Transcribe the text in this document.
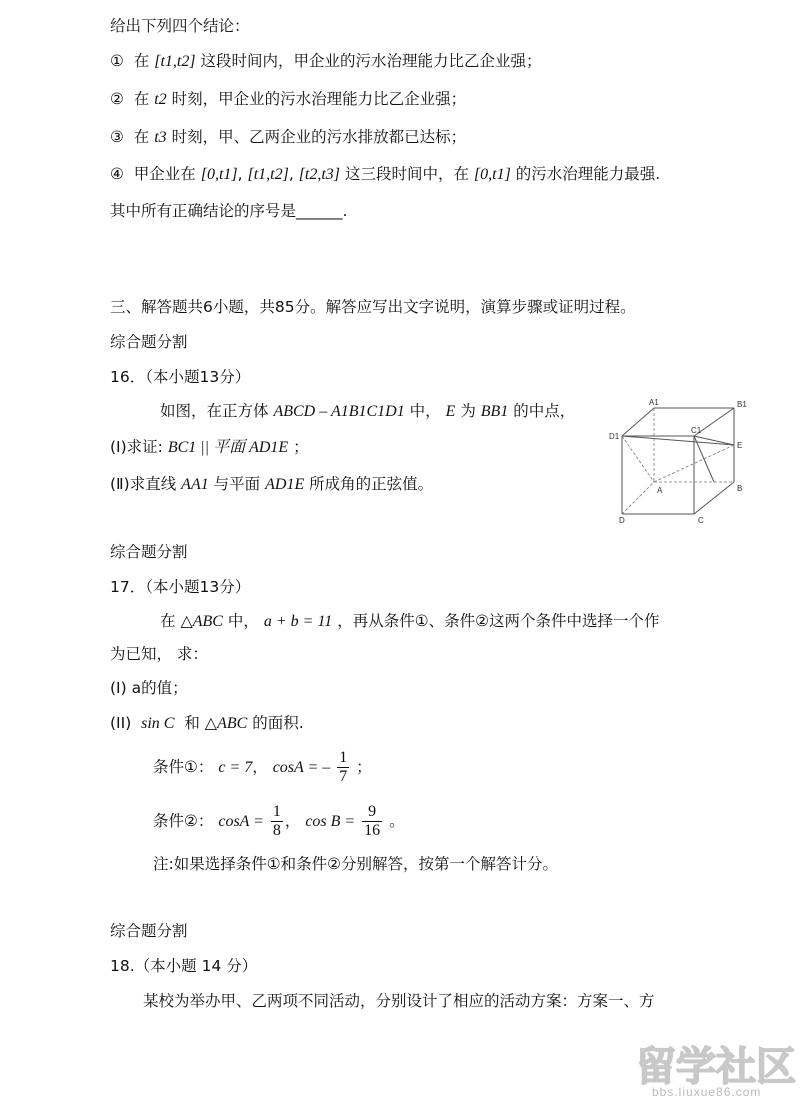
给出下列四个结论：
① 在 [t1,t2] 这段时间内，甲企业的污水治理能力比乙企业强；
② 在 t2 时刻，甲企业的污水治理能力比乙企业强；
③ 在 t3 时刻，甲、乙两企业的污水排放都已达标；
④ 甲企业在 [0,t1], [t1,t2], [t2,t3] 这三段时间中，在 [0,t1] 的污水治理能力最强.
其中所有正确结论的序号是______.
三、解答题共6小题，共85分。解答应写出文字说明，演算步骤或证明过程。
综合题分割
16．（本小题13分）
如图，在正方体 ABCD – A1B1C1D1 中， E 为 BB1 的中点，
(Ⅰ)求证: BC1 || 平面 AD1E ；
(Ⅱ)求直线 AA1 与平面 AD1E 所成角的正弦值。
A1	B1
C1
D1
E
A	B
C
D
综合题分割
17．（本小题13分）
在 △ABC 中， a + b = 11 ，再从条件①、条件②这两个条件中选择一个作
为已知， 求：
(I) a的值；
(II) sin C 和 △ABC 的面积.
条件①： c = 7， cosA = – $\frac{1}{7}$ ；
条件②： $\cos A = \frac{1}{8}$ ， $\cos B = \frac{9}{16}$ 。
注:如果选择条件①和条件②分别解答，按第一个解答计分。
综合题分割
18.（本小题 14 分）
某校为举办甲、乙两项不同活动，分别设计了相应的活动方案：方案一、方
留学社区
bbs.liuxue86.com
